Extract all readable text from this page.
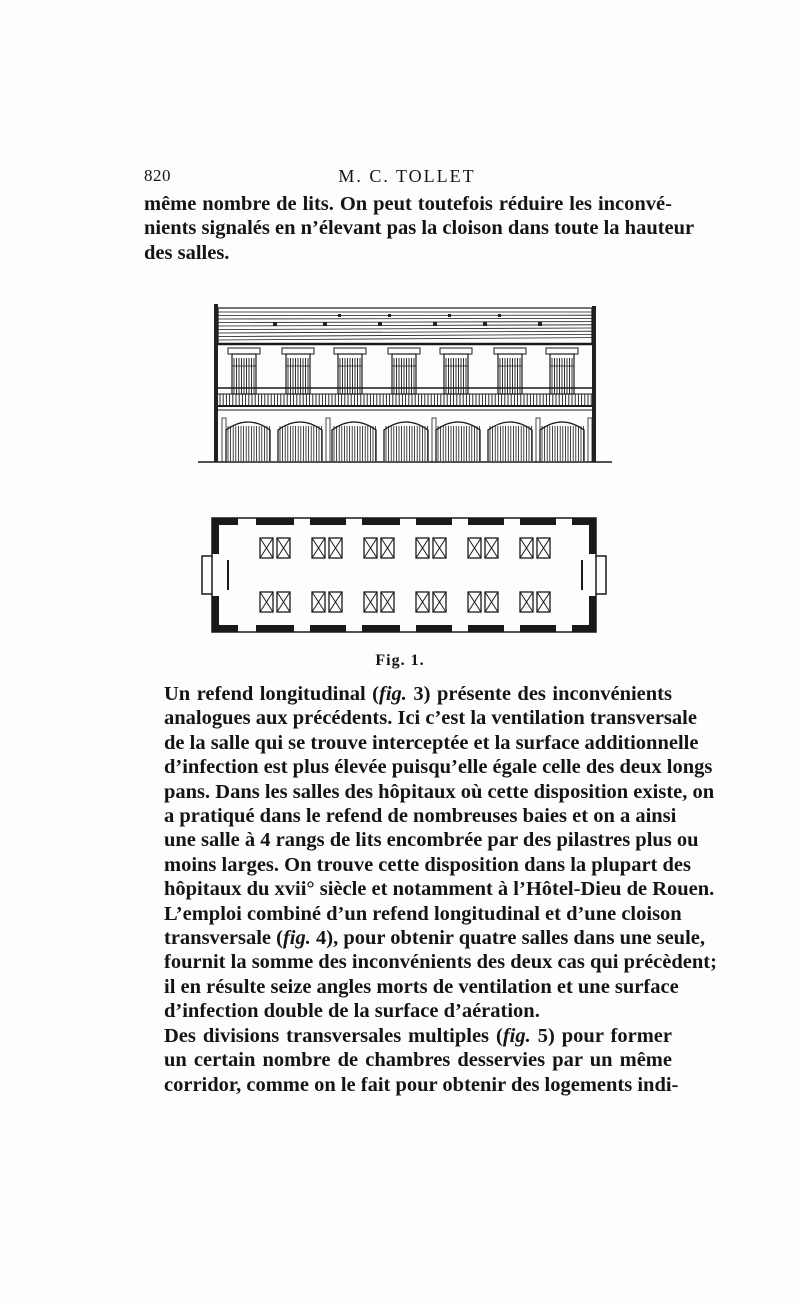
820	M. C. TOLLET
même nombre de lits. On peut toutefois réduire les inconvé-
nients signalés en n’élevant pas la cloison dans toute la hauteur
des salles.
Fig. 1.

Un refend longitudinal (fig. 3) présente des inconvénients
analogues aux précédents. Ici c’est la ventilation transversale
de la salle qui se trouve interceptée et la surface additionnelle
d’infection est plus élevée puisqu’elle égale celle des deux longs
pans. Dans les salles des hôpitaux où cette disposition existe, on
a pratiqué dans le refend de nombreuses baies et on a ainsi
une salle à 4 rangs de lits encombrée par des pilastres plus ou
moins larges. On trouve cette disposition dans la plupart des
hôpitaux du xvii° siècle et notamment à l’Hôtel-Dieu de Rouen.

L’emploi combiné d’un refend longitudinal et d’une cloison
transversale (fig. 4), pour obtenir quatre salles dans une seule,
fournit la somme des inconvénients des deux cas qui précèdent;
il en résulte seize angles morts de ventilation et une surface
d’infection double de la surface d’aération.

Des divisions transversales multiples (fig. 5) pour former
un certain nombre de chambres desservies par un même
corridor, comme on le fait pour obtenir des logements indi-
